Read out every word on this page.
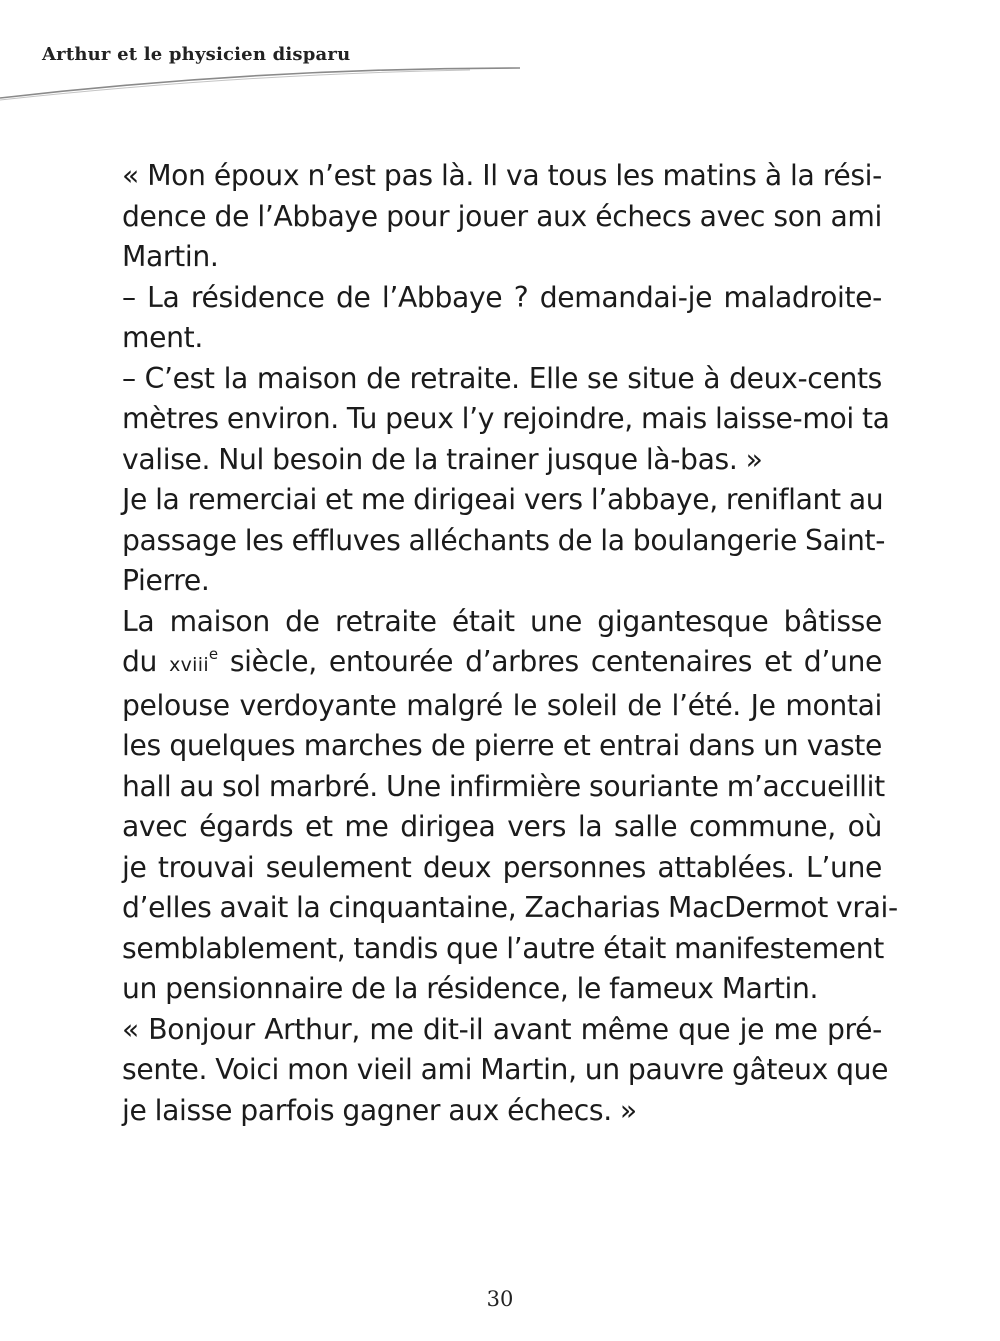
Arthur et le physicien disparu
« Mon époux n’est pas là. Il va tous les matins à la rési-
dence de l’Abbaye pour jouer aux échecs avec son ami
Martin.
– La résidence de l’Abbaye ? demandai-je maladroite-
ment.
– C’est la maison de retraite. Elle se situe à deux-cents
mètres environ. Tu peux l’y rejoindre, mais laisse-moi ta
valise. Nul besoin de la trainer jusque là-bas. »
Je la remerciai et me dirigeai vers l’abbaye, reniflant au
passage les effluves alléchants de la boulangerie Saint-
Pierre.
La maison de retraite était une gigantesque bâtisse
du xviii$^e$ siècle, entourée d’arbres centenaires et d’une
pelouse verdoyante malgré le soleil de l’été. Je montai
les quelques marches de pierre et entrai dans un vaste
hall au sol marbré. Une infirmière souriante m’accueillit
avec égards et me dirigea vers la salle commune, où
je trouvai seulement deux personnes attablées. L’une
d’elles avait la cinquantaine, Zacharias MacDermot vrai-
semblablement, tandis que l’autre était manifestement
un pensionnaire de la résidence, le fameux Martin.
« Bonjour Arthur, me dit-il avant même que je me pré-
sente. Voici mon vieil ami Martin, un pauvre gâteux que
je laisse parfois gagner aux échecs. »
30
